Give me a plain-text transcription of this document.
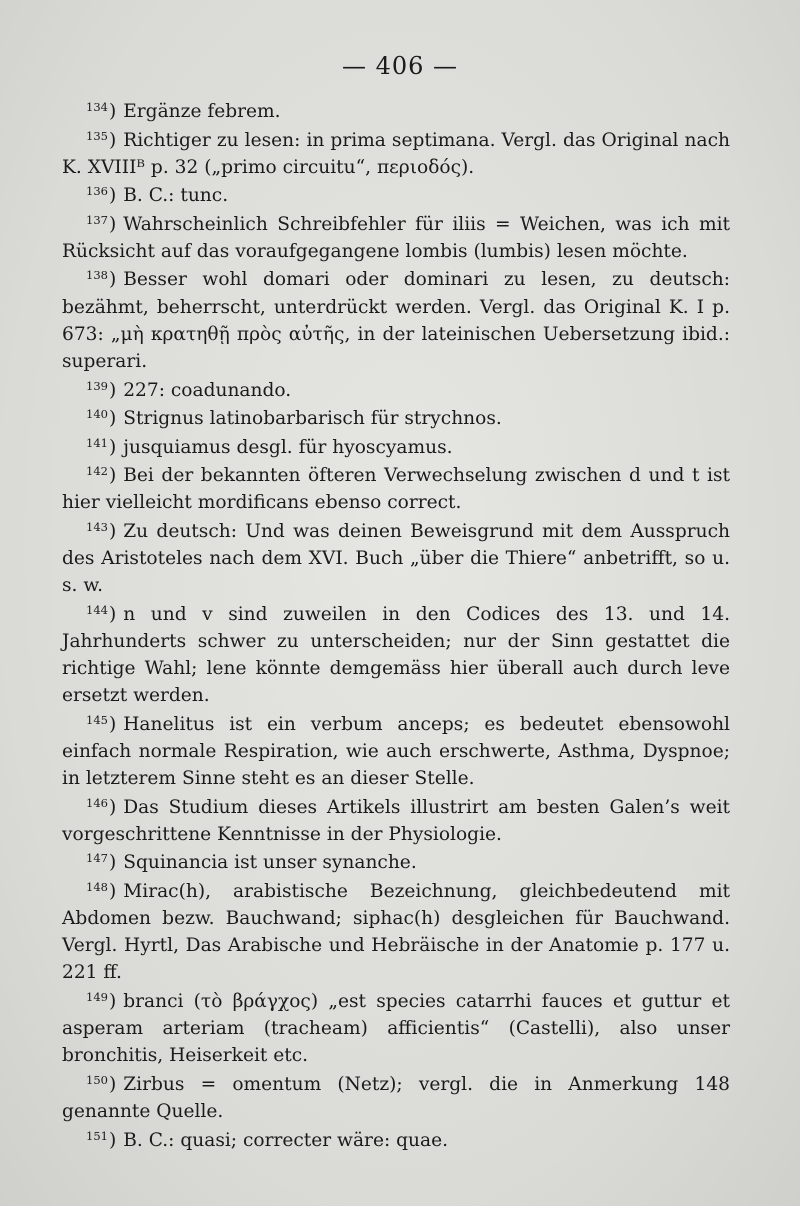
— 406 —

$^{134}$) Ergänze febrem.

$^{135}$) Richtiger zu lesen: in prima septimana. Vergl. das Original nach K. XVIIIᴮ p. 32 („primo circuitu“, περιοδός).

$^{136}$) B. C.: tunc.

$^{137}$) Wahrscheinlich Schreibfehler für iliis = Weichen, was ich mit Rücksicht auf das voraufgegangene lombis (lumbis) lesen möchte.

$^{138}$) Besser wohl domari oder dominari zu lesen, zu deutsch: bezähmt, beherrscht, unterdrückt werden. Vergl. das Original K. I p. 673: „μὴ κρατηθῇ πρὸς αὐτῆς, in der lateinischen Uebersetzung ibid.: superari.

$^{139}$) 227: coadunando.

$^{140}$) Strignus latinobarbarisch für strychnos.

$^{141}$) jusquiamus desgl. für hyoscyamus.

$^{142}$) Bei der bekannten öfteren Verwechselung zwischen d und t ist hier vielleicht mordificans ebenso correct.

$^{143}$) Zu deutsch: Und was deinen Beweisgrund mit dem Ausspruch des Aristoteles nach dem XVI. Buch „über die Thiere“ anbetrifft, so u. s. w.

$^{144}$) n und v sind zuweilen in den Codices des 13. und 14. Jahrhunderts schwer zu unterscheiden; nur der Sinn gestattet die richtige Wahl; lene könnte demgemäss hier überall auch durch leve ersetzt werden.

$^{145}$) Hanelitus ist ein verbum anceps; es bedeutet ebensowohl einfach normale Respiration, wie auch erschwerte, Asthma, Dyspnoe; in letzterem Sinne steht es an dieser Stelle.

$^{146}$) Das Studium dieses Artikels illustrirt am besten Galen’s weit vorgeschrittene Kenntnisse in der Physiologie.

$^{147}$) Squinancia ist unser synanche.

$^{148}$) Mirac(h), arabistische Bezeichnung, gleichbedeutend mit Abdomen bezw. Bauchwand; siphac(h) desgleichen für Bauchwand. Vergl. Hyrtl, Das Arabische und Hebräische in der Anatomie p. 177 u. 221 ff.

$^{149}$) branci (τὸ βράγχος) „est species catarrhi fauces et guttur et asperam arteriam (tracheam) afficientis“ (Castelli), also unser bronchitis, Heiserkeit etc.

$^{150}$) Zirbus = omentum (Netz); vergl. die in Anmerkung 148 genannte Quelle.

$^{151}$) B. C.: quasi; correcter wäre: quae.
